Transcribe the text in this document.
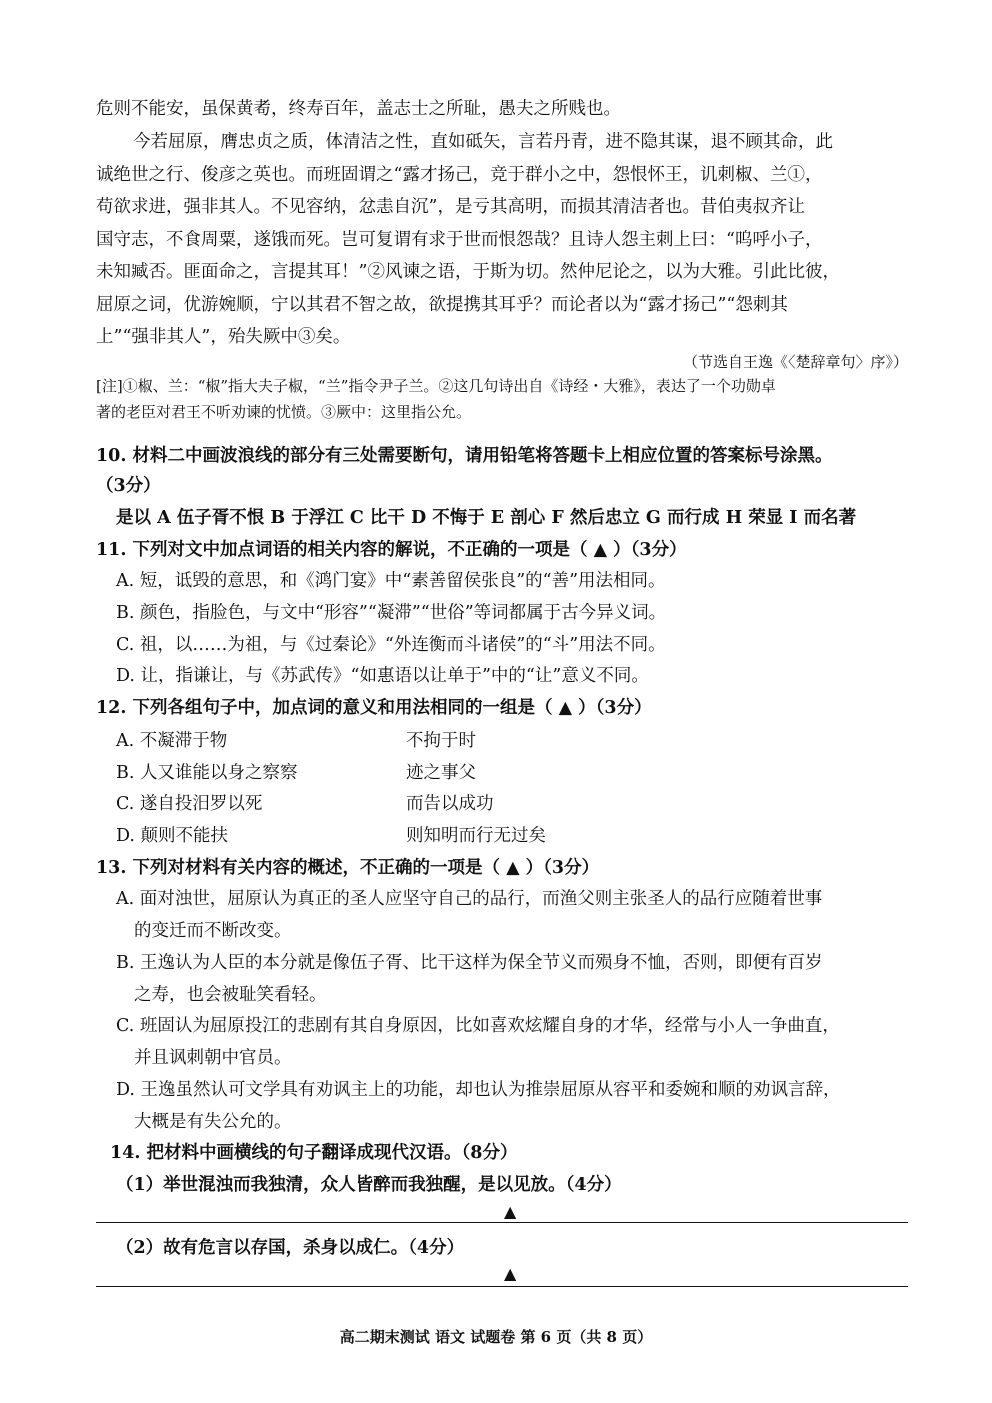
危则不能安，虽保黄耇，终寿百年，盖志士之所耻，愚夫之所贱也。
今若屈原，膺忠贞之质，体清洁之性，直如砥矢，言若丹青，进不隐其谋，退不顾其命，此
诚绝世之行、俊彦之英也。而班固谓之“露才扬己，竞于群小之中，怨恨怀王，讥刺椒、兰①，
苟欲求进，强非其人。不见容纳，忿恚自沉”，是亏其高明，而损其清洁者也。昔伯夷叔齐让
国守志，不食周粟，遂饿而死。岂可复谓有求于世而恨怨哉？且诗人怨主刺上曰：“呜呼小子，
未知臧否。匪面命之，言提其耳！”②风谏之语，于斯为切。然仲尼论之，以为大雅。引此比彼，
屈原之词，优游婉顺，宁以其君不智之故，欲提携其耳乎？而论者以为“露才扬己”“怨刺其
上”“强非其人”，殆失厥中③矣。
（节选自王逸《〈楚辞章句〉序》）
[注]①椒、兰：“椒”指大夫子椒，“兰”指令尹子兰。②这几句诗出自《诗经・大雅》，表达了一个功勋卓
著的老臣对君王不听劝谏的忧愤。③厥中：这里指公允。
10. 材料二中画波浪线的部分有三处需要断句，请用铅笔将答题卡上相应位置的答案标号涂黑。
（3分）
是以 A 伍子胥不恨 B 于浮江 C 比干 D 不悔于 E 剖心 F 然后忠立 G 而行成 H 荣显 I 而名著
11. 下列对文中加点词语的相关内容的解说，不正确的一项是（ ▲ ）（3分）
A. 短，诋毁的意思，和《鸿门宴》中“素善留侯张良”的“善”用法相同。
B. 颜色，指脸色，与文中“形容”“凝滞”“世俗”等词都属于古今异义词。
C. 祖，以……为祖，与《过秦论》“外连衡而斗诸侯”的“斗”用法不同。
D. 让，指谦让，与《苏武传》“如惠语以让单于”中的“让”意义不同。
12. 下列各组句子中，加点词的意义和用法相同的一组是（ ▲ ）（3分）
A. 不凝滞于物	不拘于时
B. 人又谁能以身之察察	迹之事父
C. 遂自投汨罗以死	而告以成功
D. 颠则不能扶	则知明而行无过矣
13. 下列对材料有关内容的概述，不正确的一项是（ ▲ ）（3分）
A. 面对浊世，屈原认为真正的圣人应坚守自己的品行，而渔父则主张圣人的品行应随着世事
的变迁而不断改变。
B. 王逸认为人臣的本分就是像伍子胥、比干这样为保全节义而殒身不恤，否则，即便有百岁
之寿，也会被耻笑看轻。
C. 班固认为屈原投江的悲剧有其自身原因，比如喜欢炫耀自身的才华，经常与小人一争曲直，
并且讽刺朝中官员。
D. 王逸虽然认可文学具有劝讽主上的功能，却也认为推崇屈原从容平和委婉和顺的劝讽言辞，
大概是有失公允的。
14. 把材料中画横线的句子翻译成现代汉语。（8分）
（1）举世混浊而我独清，众人皆醉而我独醒，是以见放。（4分）
▲
（2）故有危言以存国，杀身以成仁。（4分）
▲
高二期末测试 语文 试题卷 第 6 页（共 8 页）
